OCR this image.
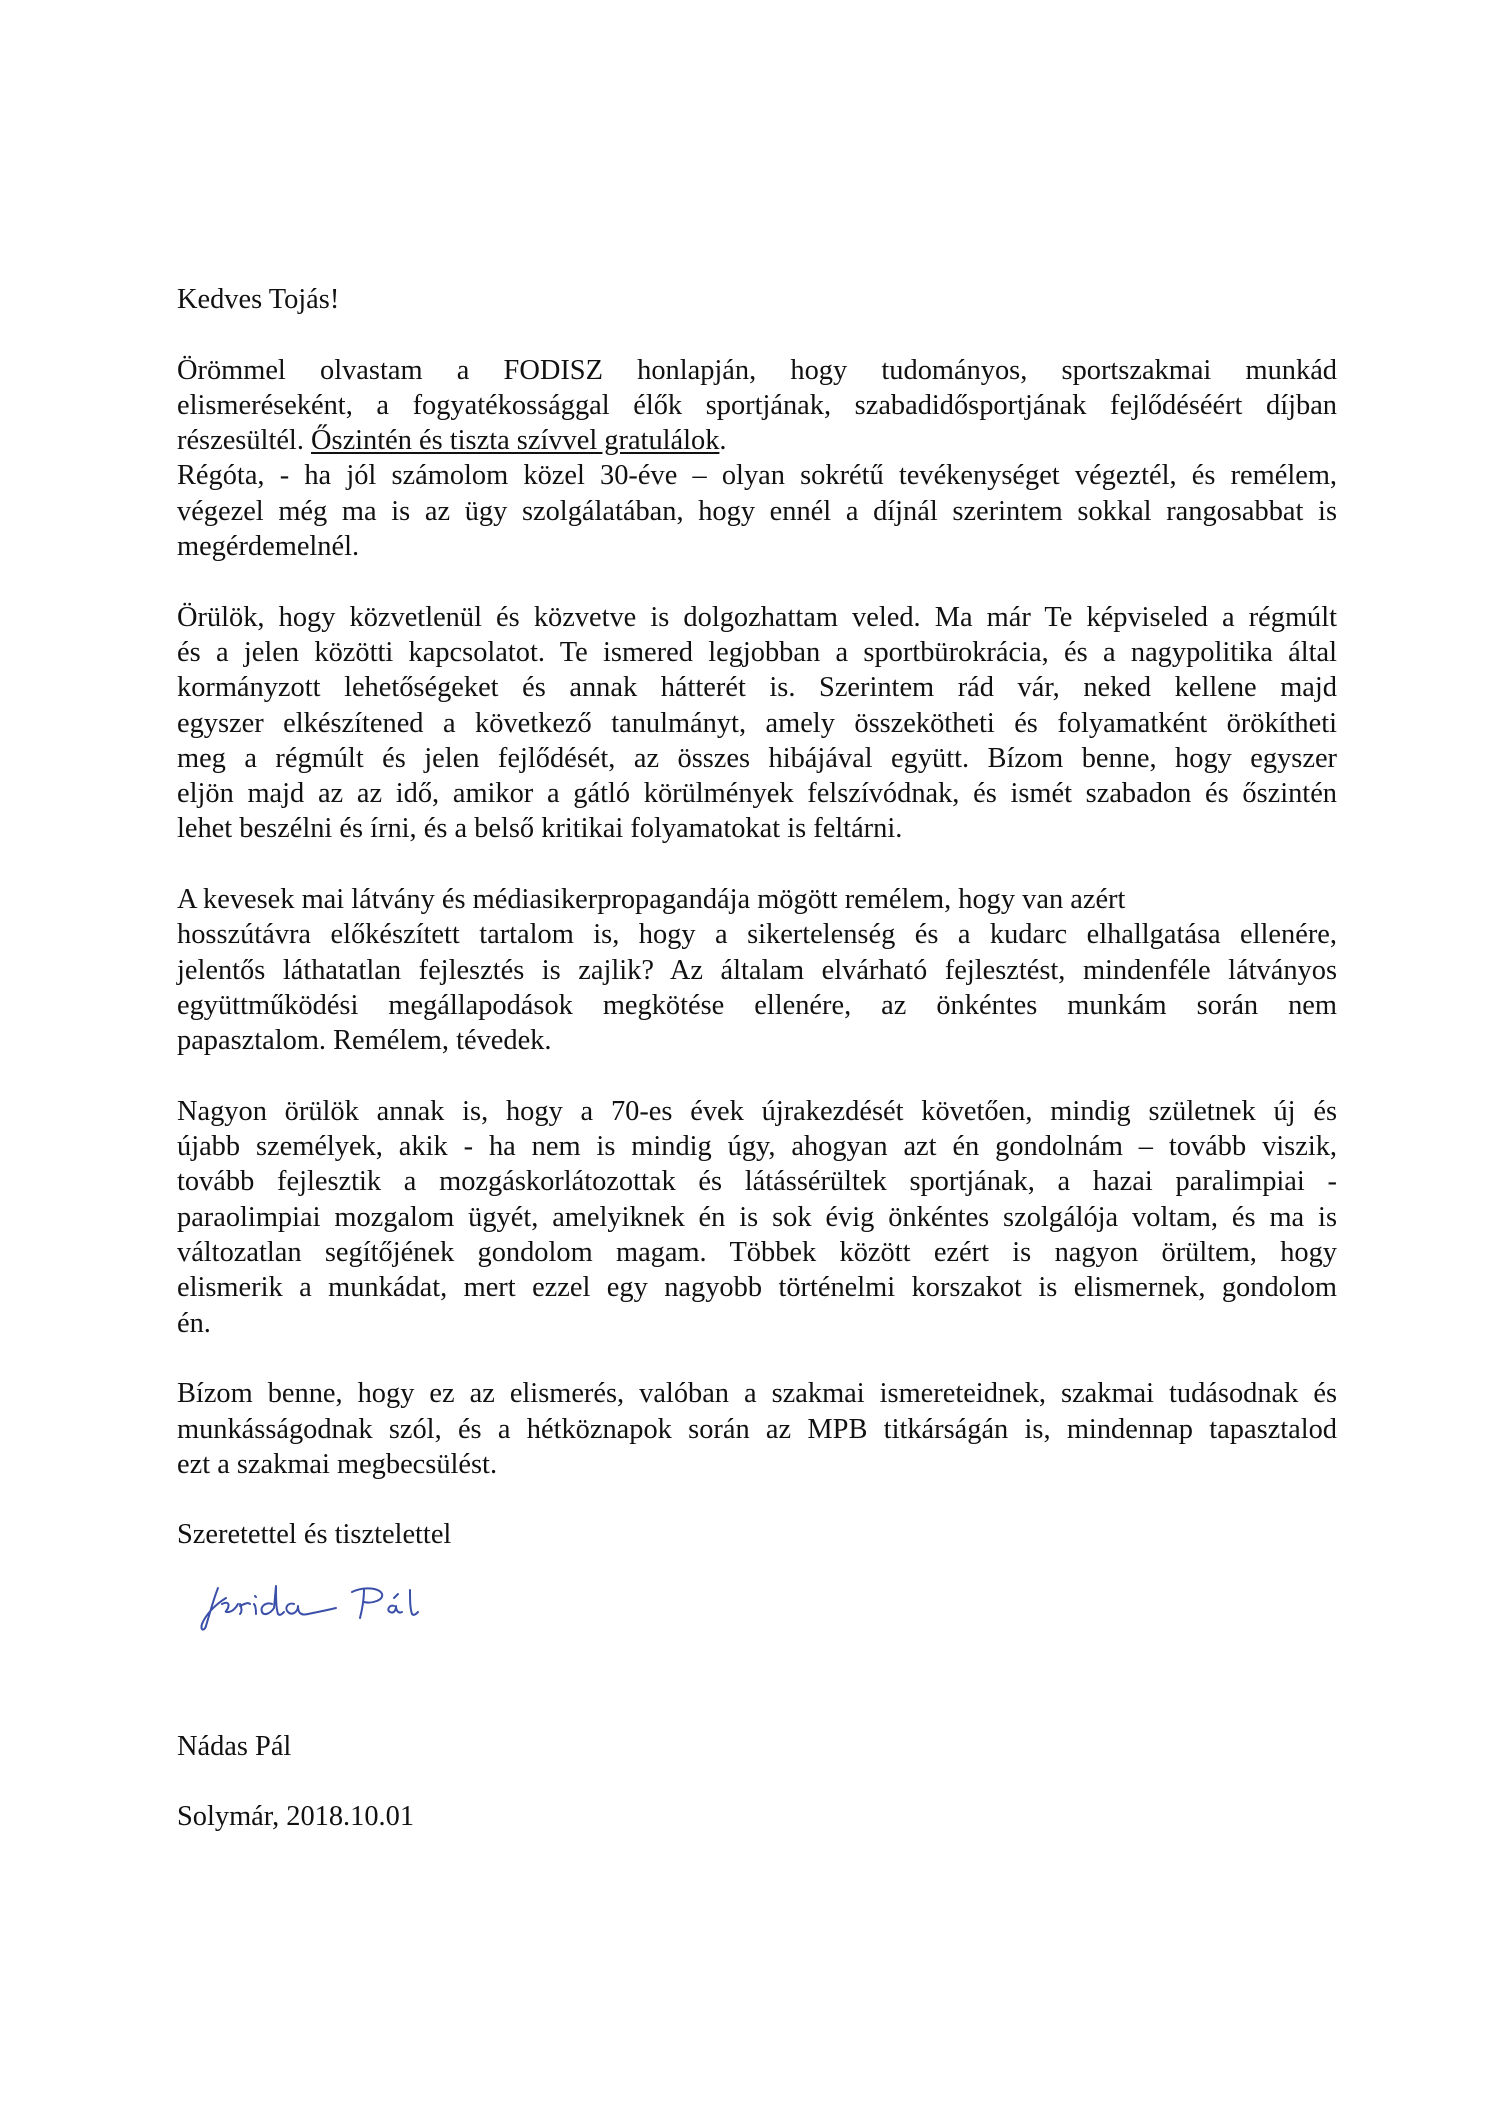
Kedves Tojás!

Örömmel olvastam a FODISZ honlapján, hogy tudományos, sportszakmai munkád
elismeréseként, a fogyatékossággal élők sportjának, szabadidősportjának fejlődéséért díjban
részesültél. Őszintén és tiszta szívvel gratulálok.
Régóta, - ha jól számolom közel 30-éve – olyan sokrétű tevékenységet végeztél, és remélem,
végezel még ma is az ügy szolgálatában, hogy ennél a díjnál szerintem sokkal rangosabbat is
megérdemelnél.

Örülök, hogy közvetlenül és közvetve is dolgozhattam veled. Ma már Te képviseled a régmúlt
és a jelen közötti kapcsolatot. Te ismered legjobban a sportbürokrácia, és a nagypolitika által
kormányzott lehetőségeket és annak hátterét is. Szerintem rád vár, neked kellene majd
egyszer elkészítened a következő tanulmányt, amely összekötheti és folyamatként örökítheti
meg a régmúlt és jelen fejlődését, az összes hibájával együtt. Bízom benne, hogy egyszer
eljön majd az az idő, amikor a gátló körülmények felszívódnak, és ismét szabadon és őszintén
lehet beszélni és írni, és a belső kritikai folyamatokat is feltárni.

A kevesek mai látvány és médiasikerpropagandája mögött remélem, hogy van azért
hosszútávra előkészített tartalom is, hogy a sikertelenség és a kudarc elhallgatása ellenére,
jelentős láthatatlan fejlesztés is zajlik? Az általam elvárható fejlesztést, mindenféle látványos
együttműködési megállapodások megkötése ellenére, az önkéntes munkám során nem
papasztalom. Remélem, tévedek.

Nagyon örülök annak is, hogy a 70-es évek újrakezdését követően, mindig születnek új és
újabb személyek, akik - ha nem is mindig úgy, ahogyan azt én gondolnám – tovább viszik,
tovább fejlesztik a mozgáskorlátozottak és látássérültek sportjának, a hazai paralimpiai -
paraolimpiai mozgalom ügyét, amelyiknek én is sok évig önkéntes szolgálója voltam, és ma is
változatlan segítőjének gondolom magam. Többek között ezért is nagyon örültem, hogy
elismerik a munkádat, mert ezzel egy nagyobb történelmi korszakot is elismernek, gondolom
én.

Bízom benne, hogy ez az elismerés, valóban a szakmai ismereteidnek, szakmai tudásodnak és
munkásságodnak szól, és a hétköznapok során az MPB titkárságán is, mindennap tapasztalod
ezt a szakmai megbecsülést.

Szeretettel és tisztelettel

Nádas Pál

Solymár, 2018.10.01
